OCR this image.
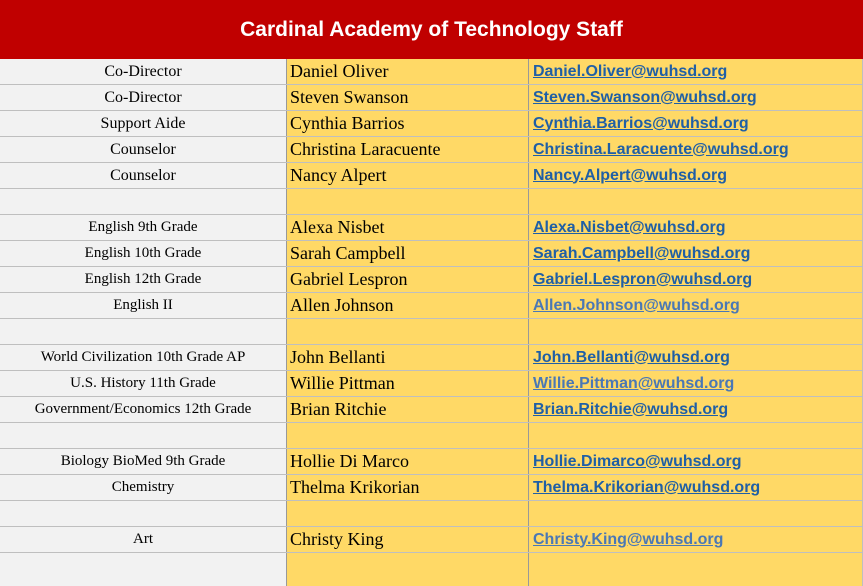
Cardinal Academy of Technology Staff
Co-Director	Daniel Oliver	Daniel.Oliver@wuhsd.org
Co-Director	Steven Swanson	Steven.Swanson@wuhsd.org
Support Aide	Cynthia Barrios	Cynthia.Barrios@wuhsd.org
Counselor	Christina Laracuente	Christina.Laracuente@wuhsd.org
Counselor	Nancy Alpert	Nancy.Alpert@wuhsd.org
English 9th Grade	Alexa Nisbet	Alexa.Nisbet@wuhsd.org
English 10th Grade	Sarah Campbell	Sarah.Campbell@wuhsd.org
English 12th Grade	Gabriel Lespron	Gabriel.Lespron@wuhsd.org
English II	Allen Johnson	Allen.Johnson@wuhsd.org
World Civilization 10th Grade AP	John Bellanti	John.Bellanti@wuhsd.org
U.S. History 11th Grade	Willie Pittman	Willie.Pittman@wuhsd.org
Government/Economics 12th Grade	Brian Ritchie	Brian.Ritchie@wuhsd.org
Biology BioMed 9th Grade	Hollie Di Marco	Hollie.Dimarco@wuhsd.org
Chemistry	Thelma Krikorian	Thelma.Krikorian@wuhsd.org
Art	Christy King	Christy.King@wuhsd.org
